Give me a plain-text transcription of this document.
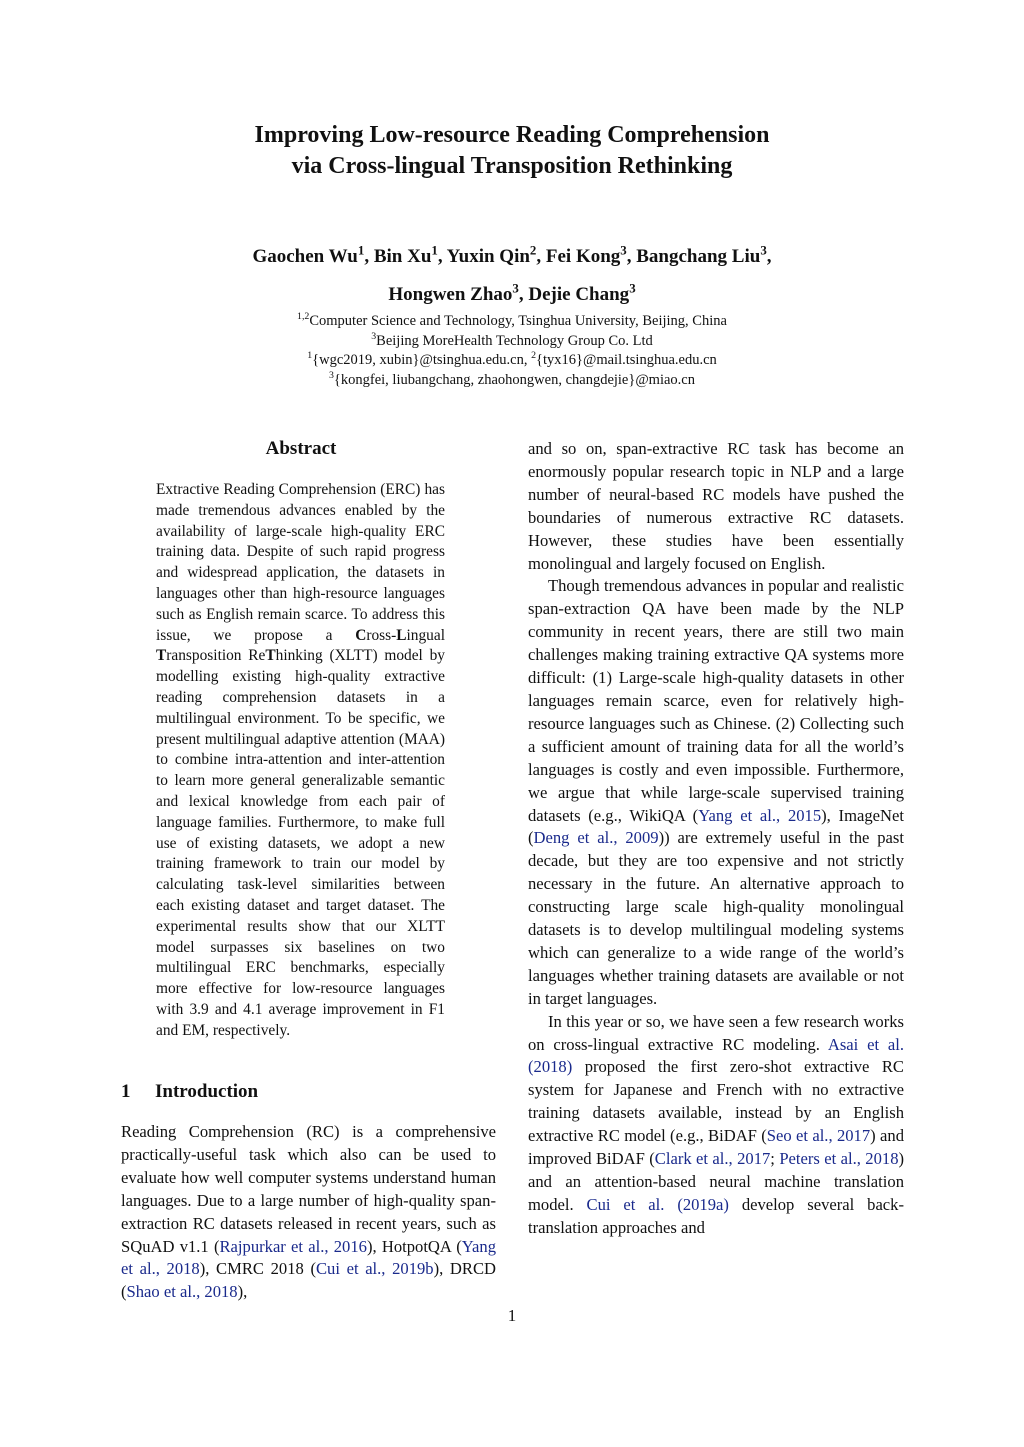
Improving Low-resource Reading Comprehension
via Cross-lingual Transposition Rethinking
Gaochen Wu$^1$, Bin Xu$^1$, Yuxin Qin$^2$, Fei Kong$^3$, Bangchang Liu$^3$,
Hongwen Zhao$^3$, Dejie Chang$^3$
$^{1,2}$Computer Science and Technology, Tsinghua University, Beijing, China
$^3$Beijing MoreHealth Technology Group Co. Ltd
$^1${wgc2019, xubin}@tsinghua.edu.cn, $^2${tyx16}@mail.tsinghua.edu.cn
$^3${kongfei, liubangchang, zhaohongwen, changdejie}@miao.cn
Abstract
Extractive Reading Comprehension (ERC) has made tremendous advances enabled by the availability of large-scale high-quality ERC training data. Despite of such rapid progress and widespread application, the datasets in languages other than high-resource languages such as English remain scarce. To address this issue, we propose a Cross-Lingual Transposition ReThinking (XLTT) model by modelling existing high-quality extractive reading comprehension datasets in a multilingual environment. To be specific, we present multilingual adaptive attention (MAA) to combine intra-attention and inter-attention to learn more general generalizable semantic and lexical knowledge from each pair of language families. Furthermore, to make full use of existing datasets, we adopt a new training framework to train our model by calculating task-level similarities between each existing dataset and target dataset. The experimental results show that our XLTT model surpasses six baselines on two multilingual ERC benchmarks, especially more effective for low-resource languages with 3.9 and 4.1 average improvement in F1 and EM, respectively.
1 Introduction
Reading Comprehension (RC) is a comprehensive practically-useful task which also can be used to evaluate how well computer systems understand human languages. Due to a large number of high-quality span-extraction RC datasets released in recent years, such as SQuAD v1.1 (Rajpurkar et al., 2016), HotpotQA (Yang et al., 2018), CMRC 2018 (Cui et al., 2019b), DRCD (Shao et al., 2018),

and so on, span-extractive RC task has become an enormously popular research topic in NLP and a large number of neural-based RC models have pushed the boundaries of numerous extractive RC datasets. However, these studies have been essentially monolingual and largely focused on English.

Though tremendous advances in popular and realistic span-extraction QA have been made by the NLP community in recent years, there are still two main challenges making training extractive QA systems more difficult: (1) Large-scale high-quality datasets in other languages remain scarce, even for relatively high-resource languages such as Chinese. (2) Collecting such a sufficient amount of training data for all the world’s languages is costly and even impossible. Furthermore, we argue that while large-scale supervised training datasets (e.g., WikiQA (Yang et al., 2015), ImageNet (Deng et al., 2009)) are extremely useful in the past decade, but they are too expensive and not strictly necessary in the future. An alternative approach to constructing large scale high-quality monolingual datasets is to develop multilingual modeling systems which can generalize to a wide range of the world’s languages whether training datasets are available or not in target languages.

In this year or so, we have seen a few research works on cross-lingual extractive RC modeling. Asai et al. (2018) proposed the first zero-shot extractive RC system for Japanese and French with no extractive training datasets available, instead by an English extractive RC model (e.g., BiDAF (Seo et al., 2017) and improved BiDAF (Clark et al., 2017; Peters et al., 2018) and an attention-based neural machine translation model. Cui et al. (2019a) develop several back-translation approaches and

1
